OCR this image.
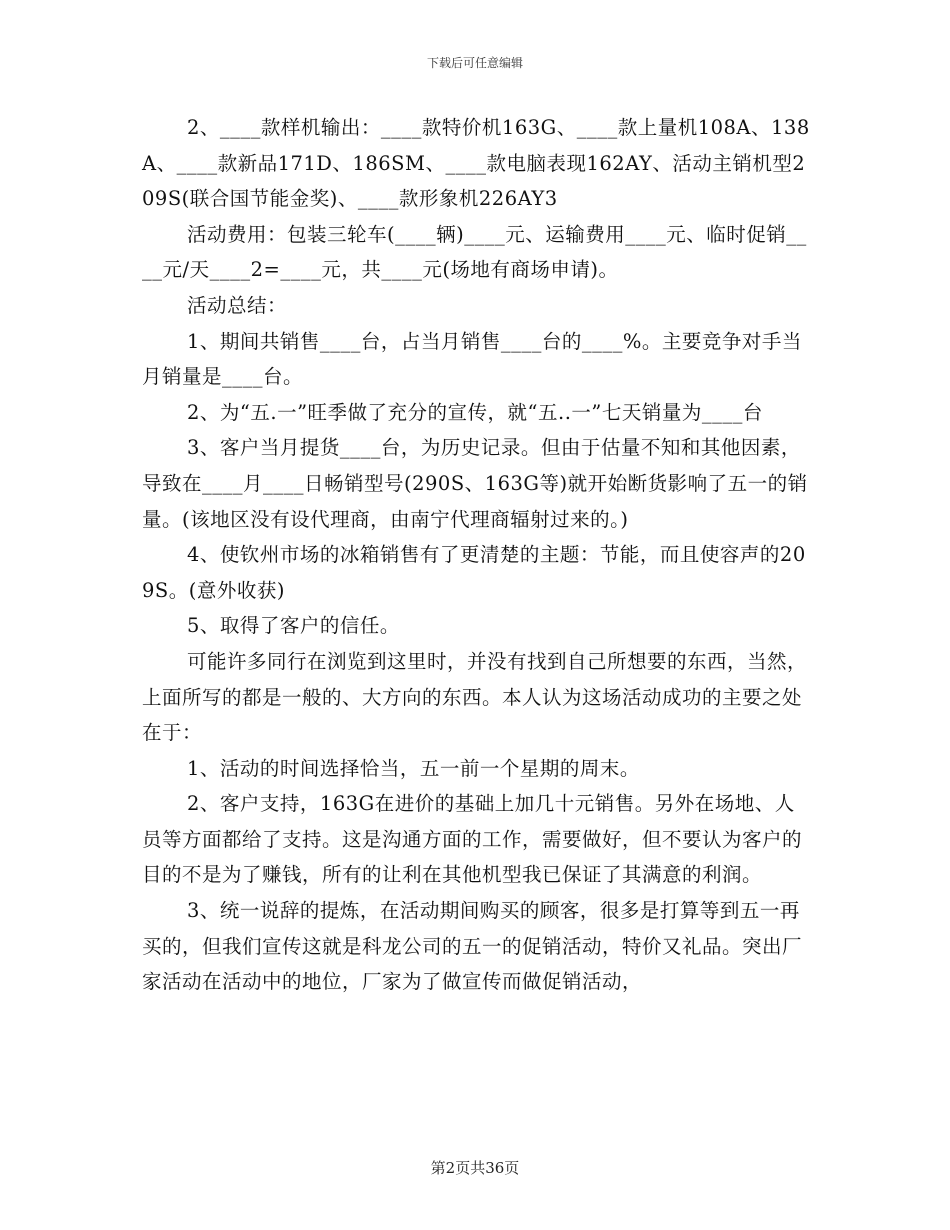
下载后可任意编辑

2、____款样机输出：____款特价机163G、____款上量机108A、138A、____款新品171D、186SM、____款电脑表现162AY、活动主销机型209S(联合国节能金奖)、____款形象机226AY3

活动费用：包装三轮车(____辆)____元、运输费用____元、临时促销____元/天____2=____元，共____元(场地有商场申请)。

活动总结：

1、期间共销售____台，占当月销售____台的____%。主要竞争对手当月销量是____台。

2、为“五.一”旺季做了充分的宣传，就“五..一”七天销量为____台

3、客户当月提货____台，为历史记录。但由于估量不知和其他因素，导致在____月____日畅销型号(290S、163G等)就开始断货影响了五一的销量。(该地区没有设代理商，由南宁代理商辐射过来的。)

4、使钦州市场的冰箱销售有了更清楚的主题：节能，而且使容声的209S。(意外收获)

5、取得了客户的信任。

可能许多同行在浏览到这里时，并没有找到自己所想要的东西，当然，上面所写的都是一般的、大方向的东西。本人认为这场活动成功的主要之处在于：

1、活动的时间选择恰当，五一前一个星期的周末。

2、客户支持，163G在进价的基础上加几十元销售。另外在场地、人员等方面都给了支持。这是沟通方面的工作，需要做好，但不要认为客户的目的不是为了赚钱，所有的让利在其他机型我已保证了其满意的利润。

3、统一说辞的提炼，在活动期间购买的顾客，很多是打算等到五一再买的，但我们宣传这就是科龙公司的五一的促销活动，特价又礼品。突出厂家活动在活动中的地位，厂家为了做宣传而做促销活动，

第2页共36页
